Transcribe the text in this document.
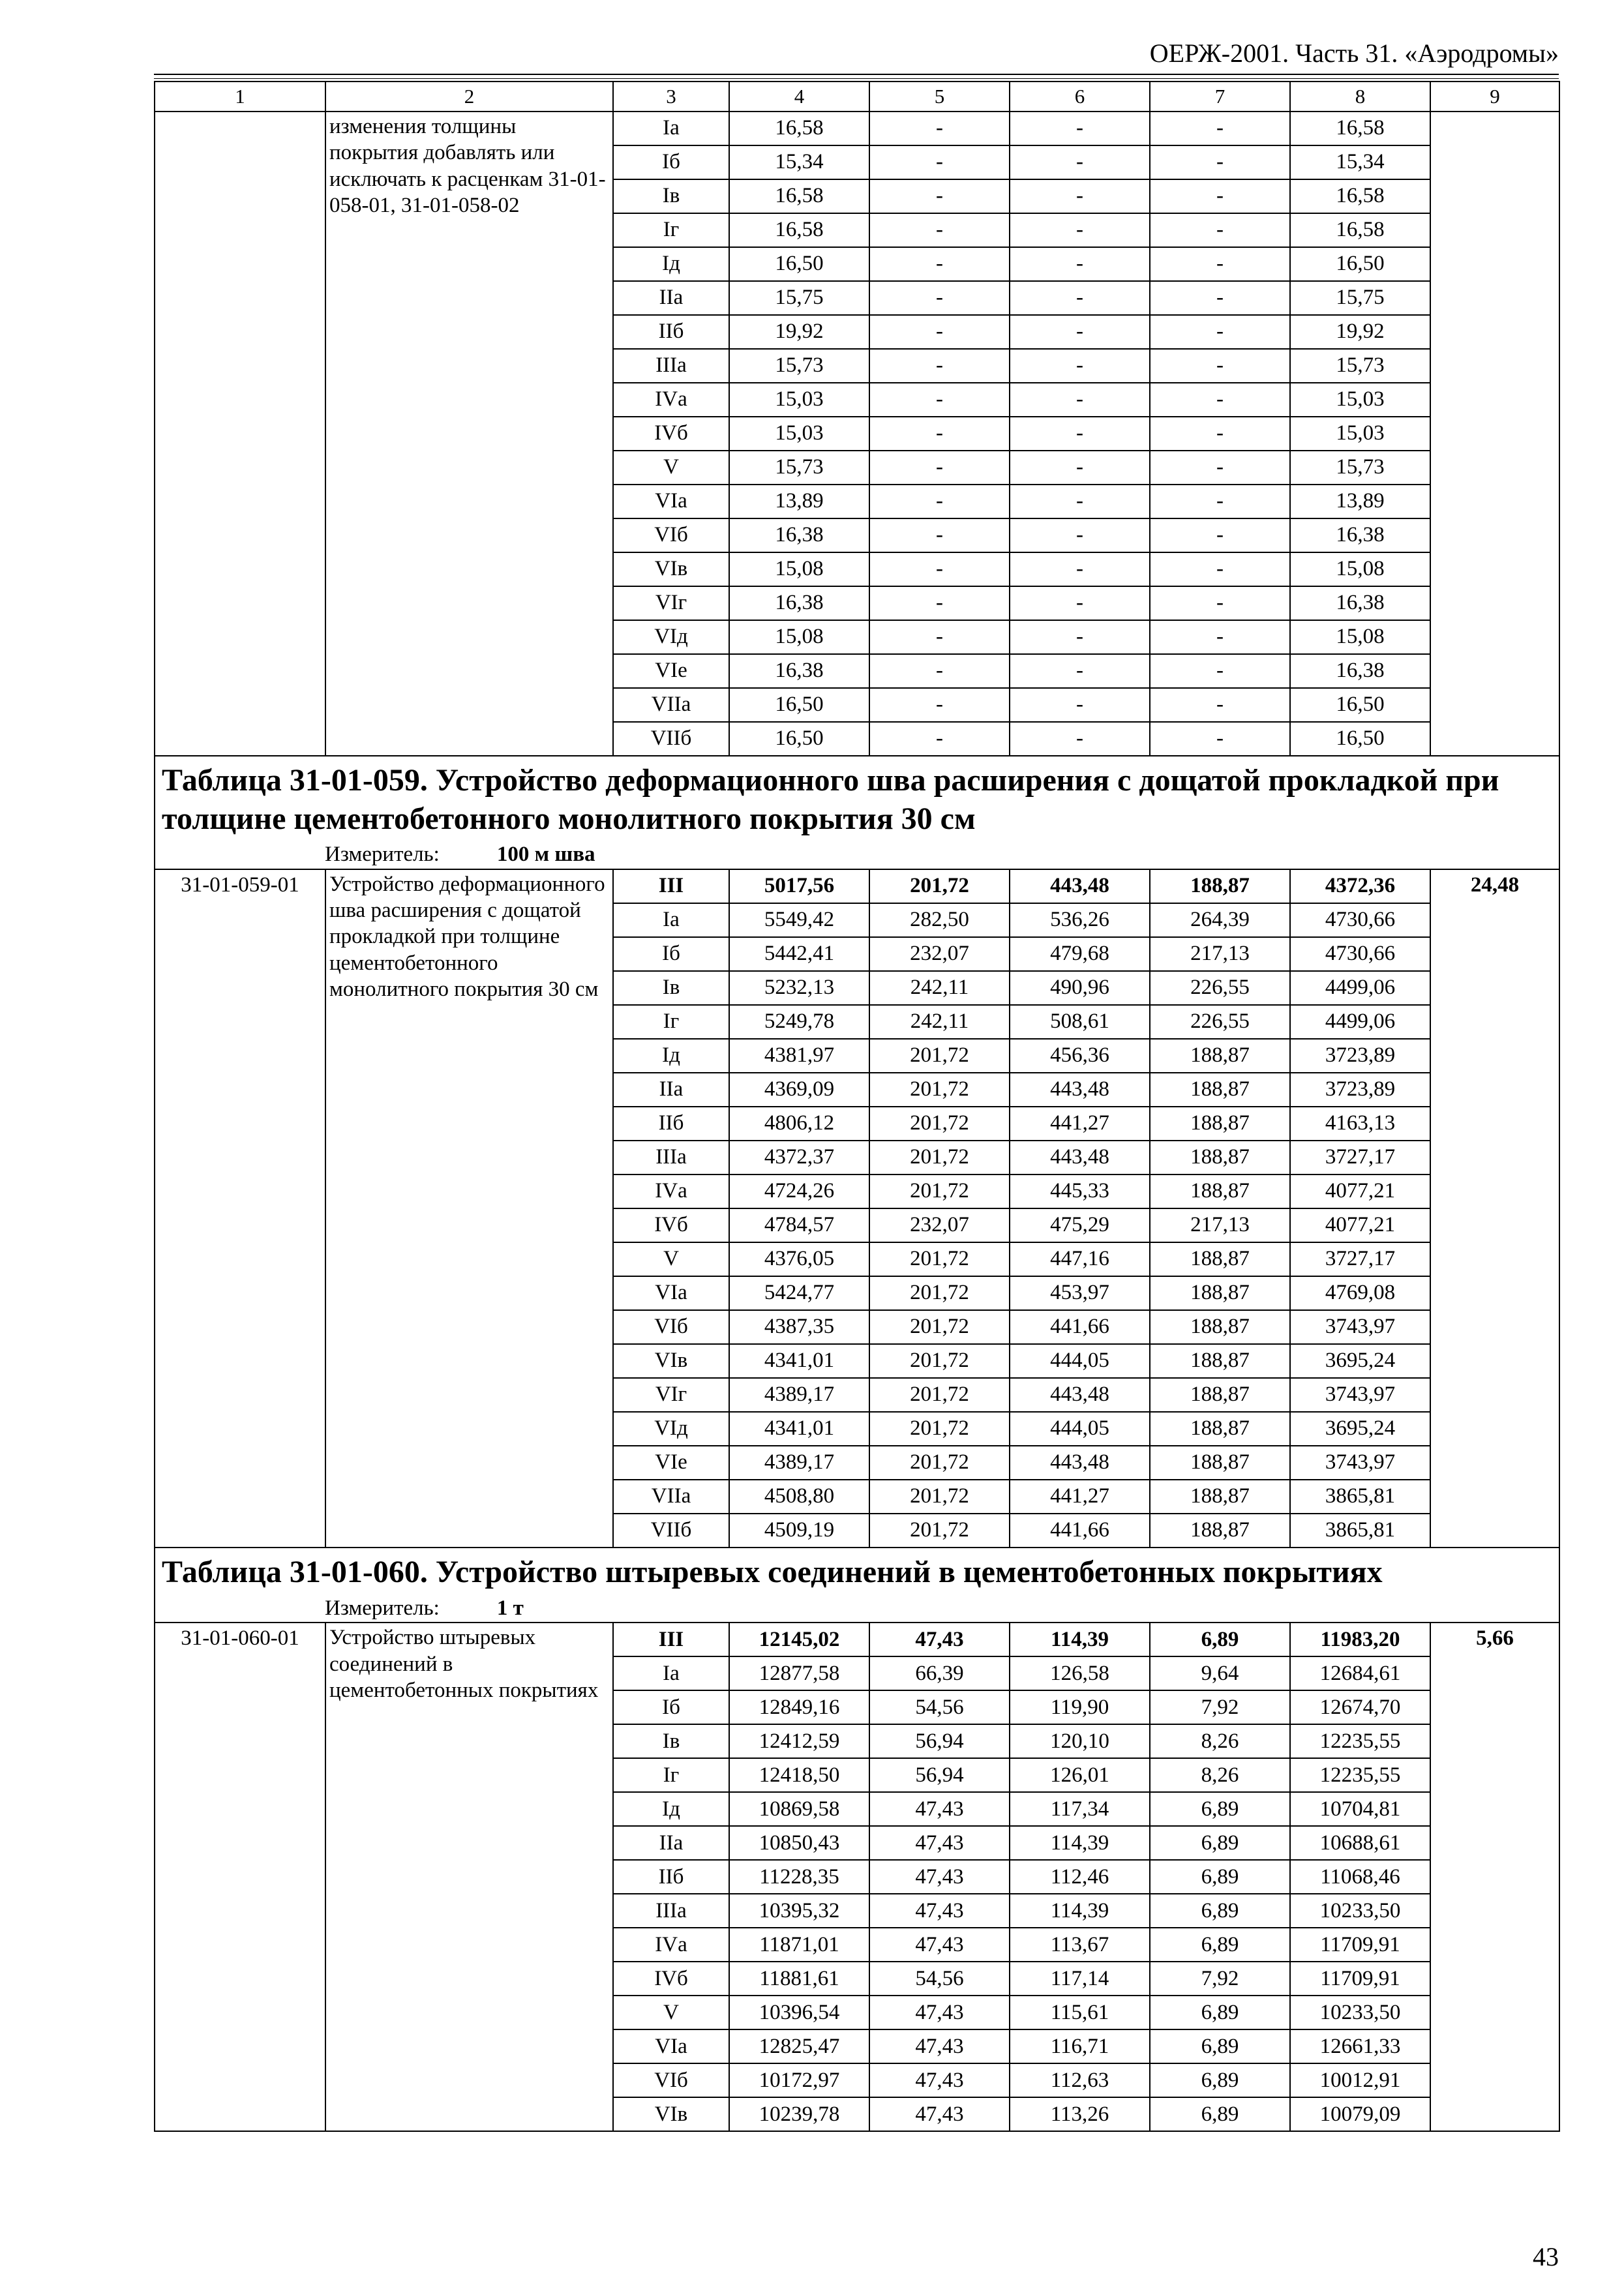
ОЕРЖ-2001. Часть 31. «Аэродромы»
1	2	3	4	5	6	7	8	9
	изменения толщины покрытия добавлять или исключать к расценкам 31-01-058-01, 31-01-058-02	Iа	16,58	-	-	-	16,58	
		Iб	15,34	-	-	-	15,34	
		Iв	16,58	-	-	-	16,58	
		Iг	16,58	-	-	-	16,58	
		Iд	16,50	-	-	-	16,50	
		IIа	15,75	-	-	-	15,75	
		IIб	19,92	-	-	-	19,92	
		IIIа	15,73	-	-	-	15,73	
		IVа	15,03	-	-	-	15,03	
		IVб	15,03	-	-	-	15,03	
		V	15,73	-	-	-	15,73	
		VIа	13,89	-	-	-	13,89	
		VIб	16,38	-	-	-	16,38	
		VIв	15,08	-	-	-	15,08	
		VIг	16,38	-	-	-	16,38	
		VIд	15,08	-	-	-	15,08	
		VIе	16,38	-	-	-	16,38	
		VIIа	16,50	-	-	-	16,50	
		VIIб	16,50	-	-	-	16,50	

Таблица 31-01-059. Устройство деформационного шва расширения с дощатой прокладкой при толщине цементобетонного монолитного покрытия 30 см
Измеритель: 100 м шва								

31-01-059-01	Устройство деформационного шва расширения с дощатой прокладкой при толщине цементобетонного монолитного покрытия 30 см	III	5017,56	201,72	443,48	188,87	4372,36	24,48
		Iа	5549,42	282,50	536,26	264,39	4730,66	
		Iб	5442,41	232,07	479,68	217,13	4730,66	
		Iв	5232,13	242,11	490,96	226,55	4499,06	
		Iг	5249,78	242,11	508,61	226,55	4499,06	
		Iд	4381,97	201,72	456,36	188,87	3723,89	
		IIа	4369,09	201,72	443,48	188,87	3723,89	
		IIб	4806,12	201,72	441,27	188,87	4163,13	
		IIIа	4372,37	201,72	443,48	188,87	3727,17	
		IVа	4724,26	201,72	445,33	188,87	4077,21	
		IVб	4784,57	232,07	475,29	217,13	4077,21	
		V	4376,05	201,72	447,16	188,87	3727,17	
		VIа	5424,77	201,72	453,97	188,87	4769,08	
		VIб	4387,35	201,72	441,66	188,87	3743,97	
		VIв	4341,01	201,72	444,05	188,87	3695,24	
		VIг	4389,17	201,72	443,48	188,87	3743,97	
		VIд	4341,01	201,72	444,05	188,87	3695,24	
		VIе	4389,17	201,72	443,48	188,87	3743,97	
		VIIа	4508,80	201,72	441,27	188,87	3865,81	
		VIIб	4509,19	201,72	441,66	188,87	3865,81	

Таблица 31-01-060. Устройство штыревых соединений в цементобетонных покрытиях
Измеритель: 1 т								

31-01-060-01	Устройство штыревых соединений в цементобетонных покрытиях	III	12145,02	47,43	114,39	6,89	11983,20	5,66
		Iа	12877,58	66,39	126,58	9,64	12684,61	
		Iб	12849,16	54,56	119,90	7,92	12674,70	
		Iв	12412,59	56,94	120,10	8,26	12235,55	
		Iг	12418,50	56,94	126,01	8,26	12235,55	
		Iд	10869,58	47,43	117,34	6,89	10704,81	
		IIа	10850,43	47,43	114,39	6,89	10688,61	
		IIб	11228,35	47,43	112,46	6,89	11068,46	
		IIIа	10395,32	47,43	114,39	6,89	10233,50	
		IVа	11871,01	47,43	113,67	6,89	11709,91	
		IVб	11881,61	54,56	117,14	7,92	11709,91	
		V	10396,54	47,43	115,61	6,89	10233,50	
		VIа	12825,47	47,43	116,71	6,89	12661,33	
		VIб	10172,97	47,43	112,63	6,89	10012,91	
		VIв	10239,78	47,43	113,26	6,89	10079,09	
43
